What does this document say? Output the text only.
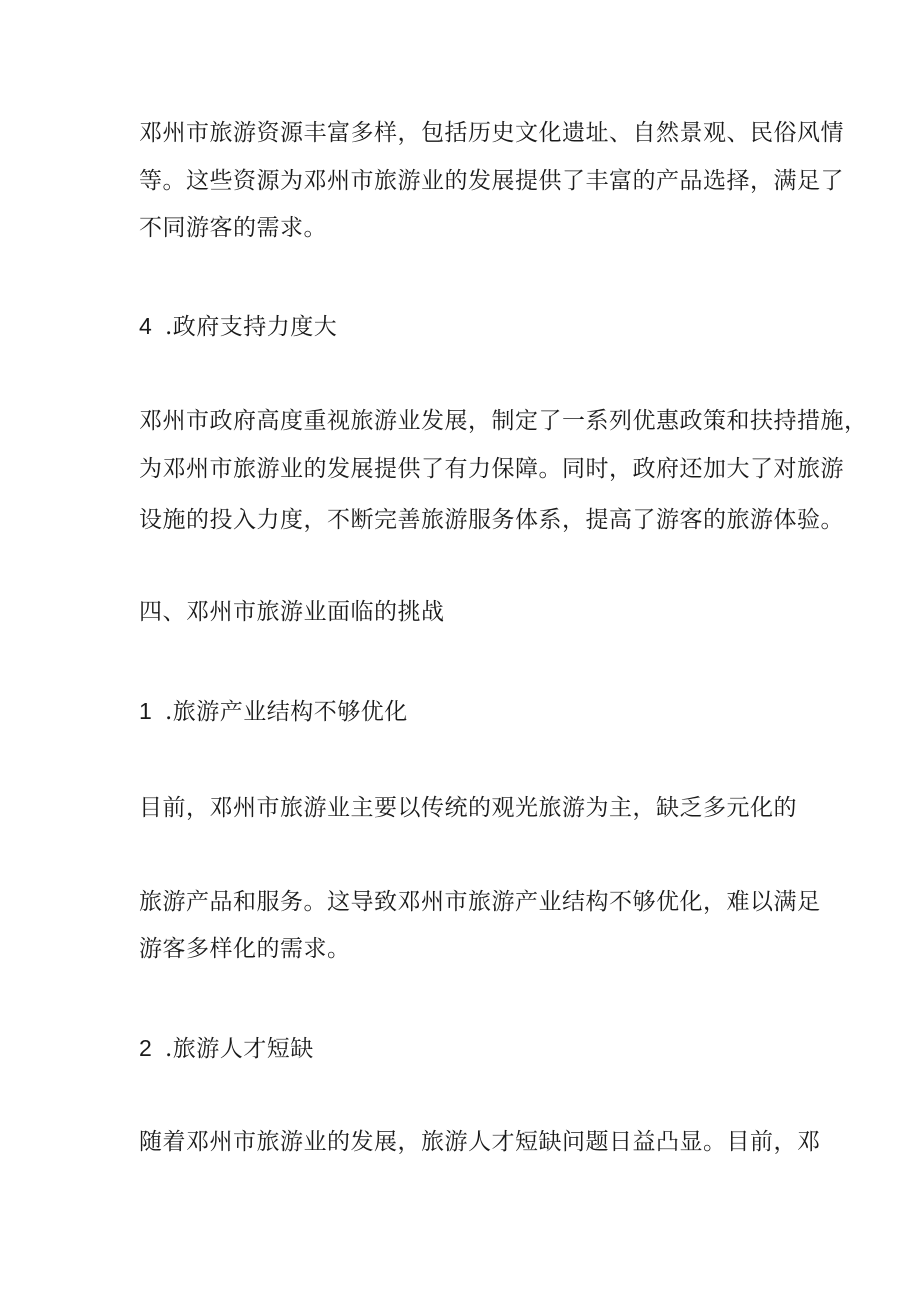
邓州市旅游资源丰富多样，包括历史文化遗址、自然景观、民俗风情
等。这些资源为邓州市旅游业的发展提供了丰富的产品选择，满足了
不同游客的需求。
4 .政府支持力度大
邓州市政府高度重视旅游业发展，制定了一系列优惠政策和扶持措施，
为邓州市旅游业的发展提供了有力保障。同时，政府还加大了对旅游
设施的投入力度，不断完善旅游服务体系，提高了游客的旅游体验。
四、邓州市旅游业面临的挑战
1 .旅游产业结构不够优化
目前，邓州市旅游业主要以传统的观光旅游为主，缺乏多元化的
旅游产品和服务。这导致邓州市旅游产业结构不够优化，难以满足
游客多样化的需求。
2 .旅游人才短缺
随着邓州市旅游业的发展，旅游人才短缺问题日益凸显。目前，邓
